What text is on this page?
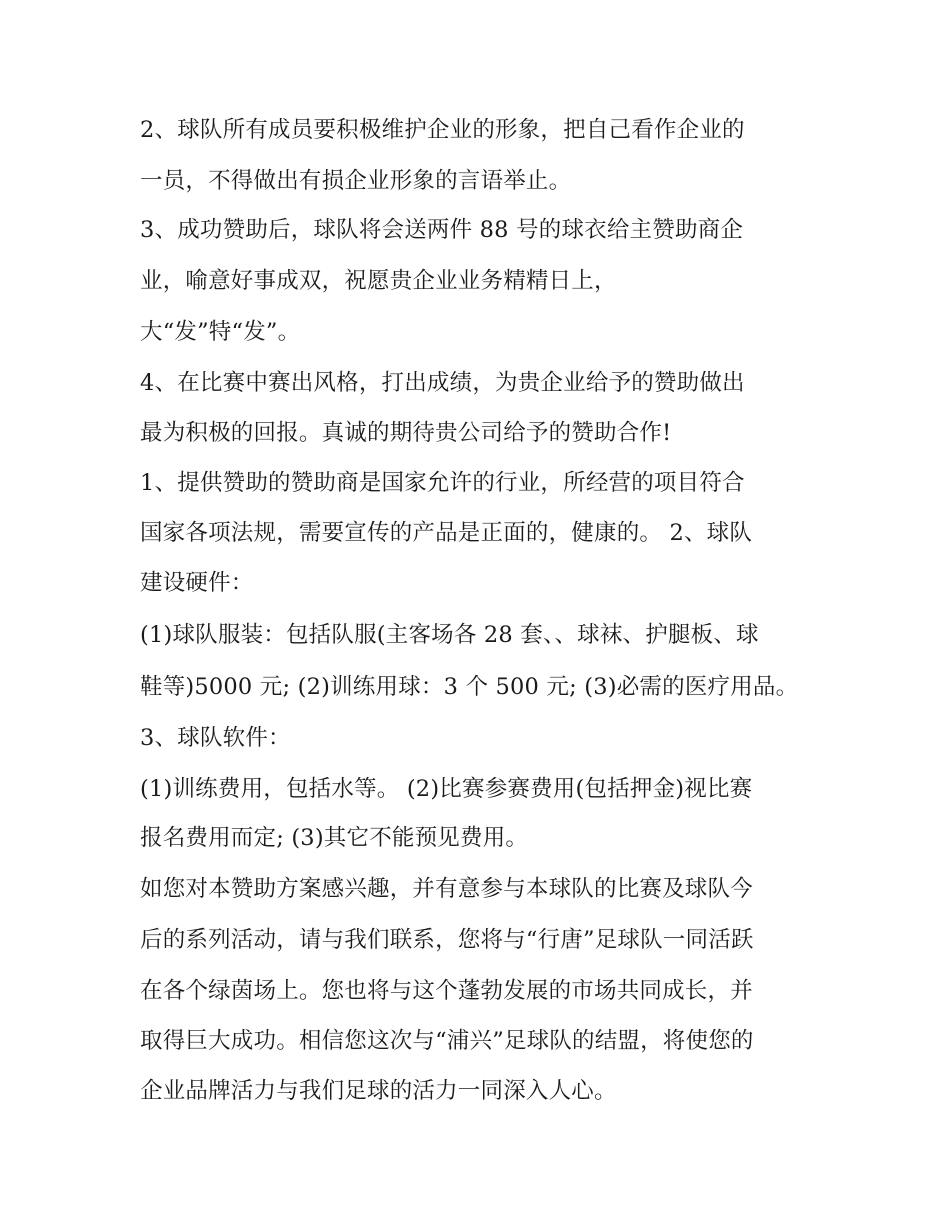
2、球队所有成员要积极维护企业的形象，把自己看作企业的
一员，不得做出有损企业形象的言语举止。
3、成功赞助后，球队将会送两件 88 号的球衣给主赞助商企
业，喻意好事成双，祝愿贵企业业务精精日上，
大“发”特“发”。
4、在比赛中赛出风格，打出成绩，为贵企业给予的赞助做出
最为积极的回报。真诚的期待贵公司给予的赞助合作!
1、提供赞助的赞助商是国家允许的行业，所经营的项目符合
国家各项法规，需要宣传的产品是正面的，健康的。 2、球队
建设硬件：
(1)球队服装：包括队服(主客场各 28 套、、球袜、护腿板、球
鞋等)5000 元; (2)训练用球：3 个 500 元; (3)必需的医疗用品。
3、球队软件：
(1)训练费用，包括水等。 (2)比赛参赛费用(包括押金)视比赛
报名费用而定; (3)其它不能预见费用。
如您对本赞助方案感兴趣，并有意参与本球队的比赛及球队今
后的系列活动，请与我们联系，您将与“行唐”足球队一同活跃
在各个绿茵场上。您也将与这个蓬勃发展的市场共同成长，并
取得巨大成功。相信您这次与“浦兴”足球队的结盟，将使您的
企业品牌活力与我们足球的活力一同深入人心。
